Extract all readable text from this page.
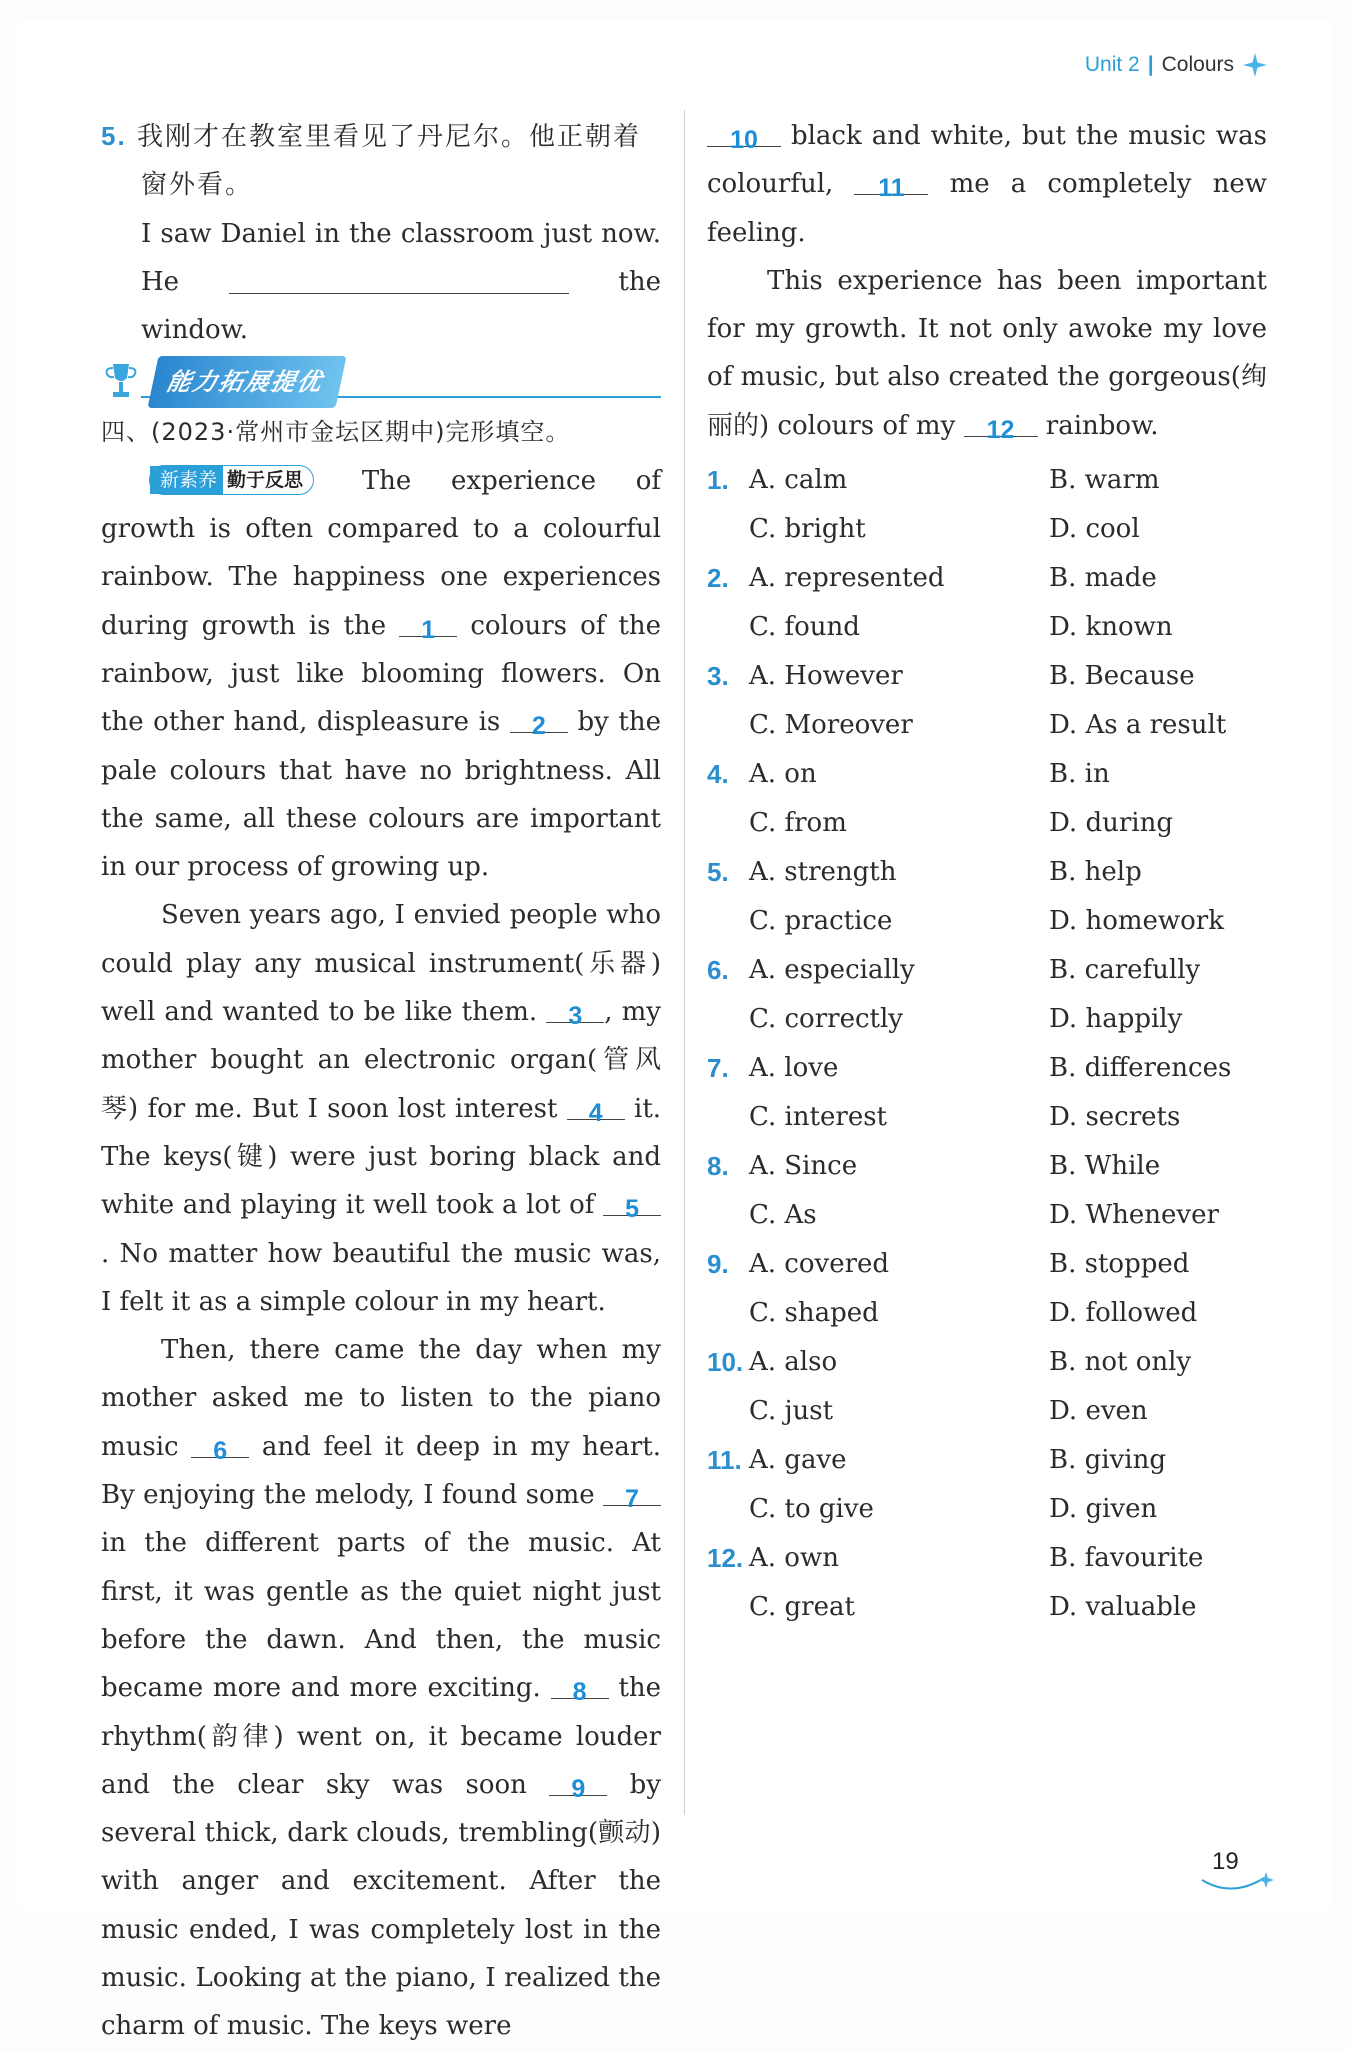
Unit 2 | Colours
5. 我刚才在教室里看见了丹尼尔。他正朝着窗外看。

I saw Daniel in the classroom just now. He	the window.

能力拓展提优
四、(2023·常州市金坛区期中)完形填空。

新素养 勤于反思 The experience of growth is often compared to a colourful rainbow. The happiness one experiences during growth is the 1 colours of the rainbow, just like blooming flowers. On the other hand, displeasure is 2 by the pale colours that have no brightness. All the same, all these colours are important in our process of growing up.

Seven years ago, I envied people who could play any musical instrument(乐器) well and wanted to be like them. 3 , my mother bought an electronic organ(管风琴) for me. But I soon lost interest 4 it. The keys(键) were just boring black and white and playing it well took a lot of 5. No matter how beautiful the music was, I felt it as a simple colour in my heart.

Then, there came the day when my mother asked me to listen to the piano music 6 and feel it deep in my heart. By enjoying the melody, I found some 7 in the different parts of the music. At first, it was gentle as the quiet night just before the dawn. And then, the music became more and more exciting. 8 the rhythm(韵律) went on, it became louder and the clear sky was soon 9 by several thick, dark clouds, trembling(颤动) with anger and excitement. After the music ended, I was completely lost in the music. Looking at the piano, I realized the charm of music. The keys were

10 black and white, but the music was colourful, 11 me a completely new feeling.

This experience has been important for my growth. It not only awoke my love of music, but also created the gorgeous(绚丽的) colours of my 12 rainbow.

1. A. calm	B. warm
C. bright	D. cool
2. A. represented	B. made
C. found	D. known
3. A. However	B. Because
C. Moreover	D. As a result
4. A. on	B. in
C. from	D. during
5. A. strength	B. help
C. practice	D. homework
6. A. especially	B. carefully
C. correctly	D. happily
7. A. love	B. differences
C. interest	D. secrets
8. A. Since	B. While
C. As	D. Whenever
9. A. covered	B. stopped
C. shaped	D. followed
10. A. also	B. not only
C. just	D. even
11. A. gave	B. giving
C. to give	D. given
12. A. own	B. favourite
C. great	D. valuable
19
